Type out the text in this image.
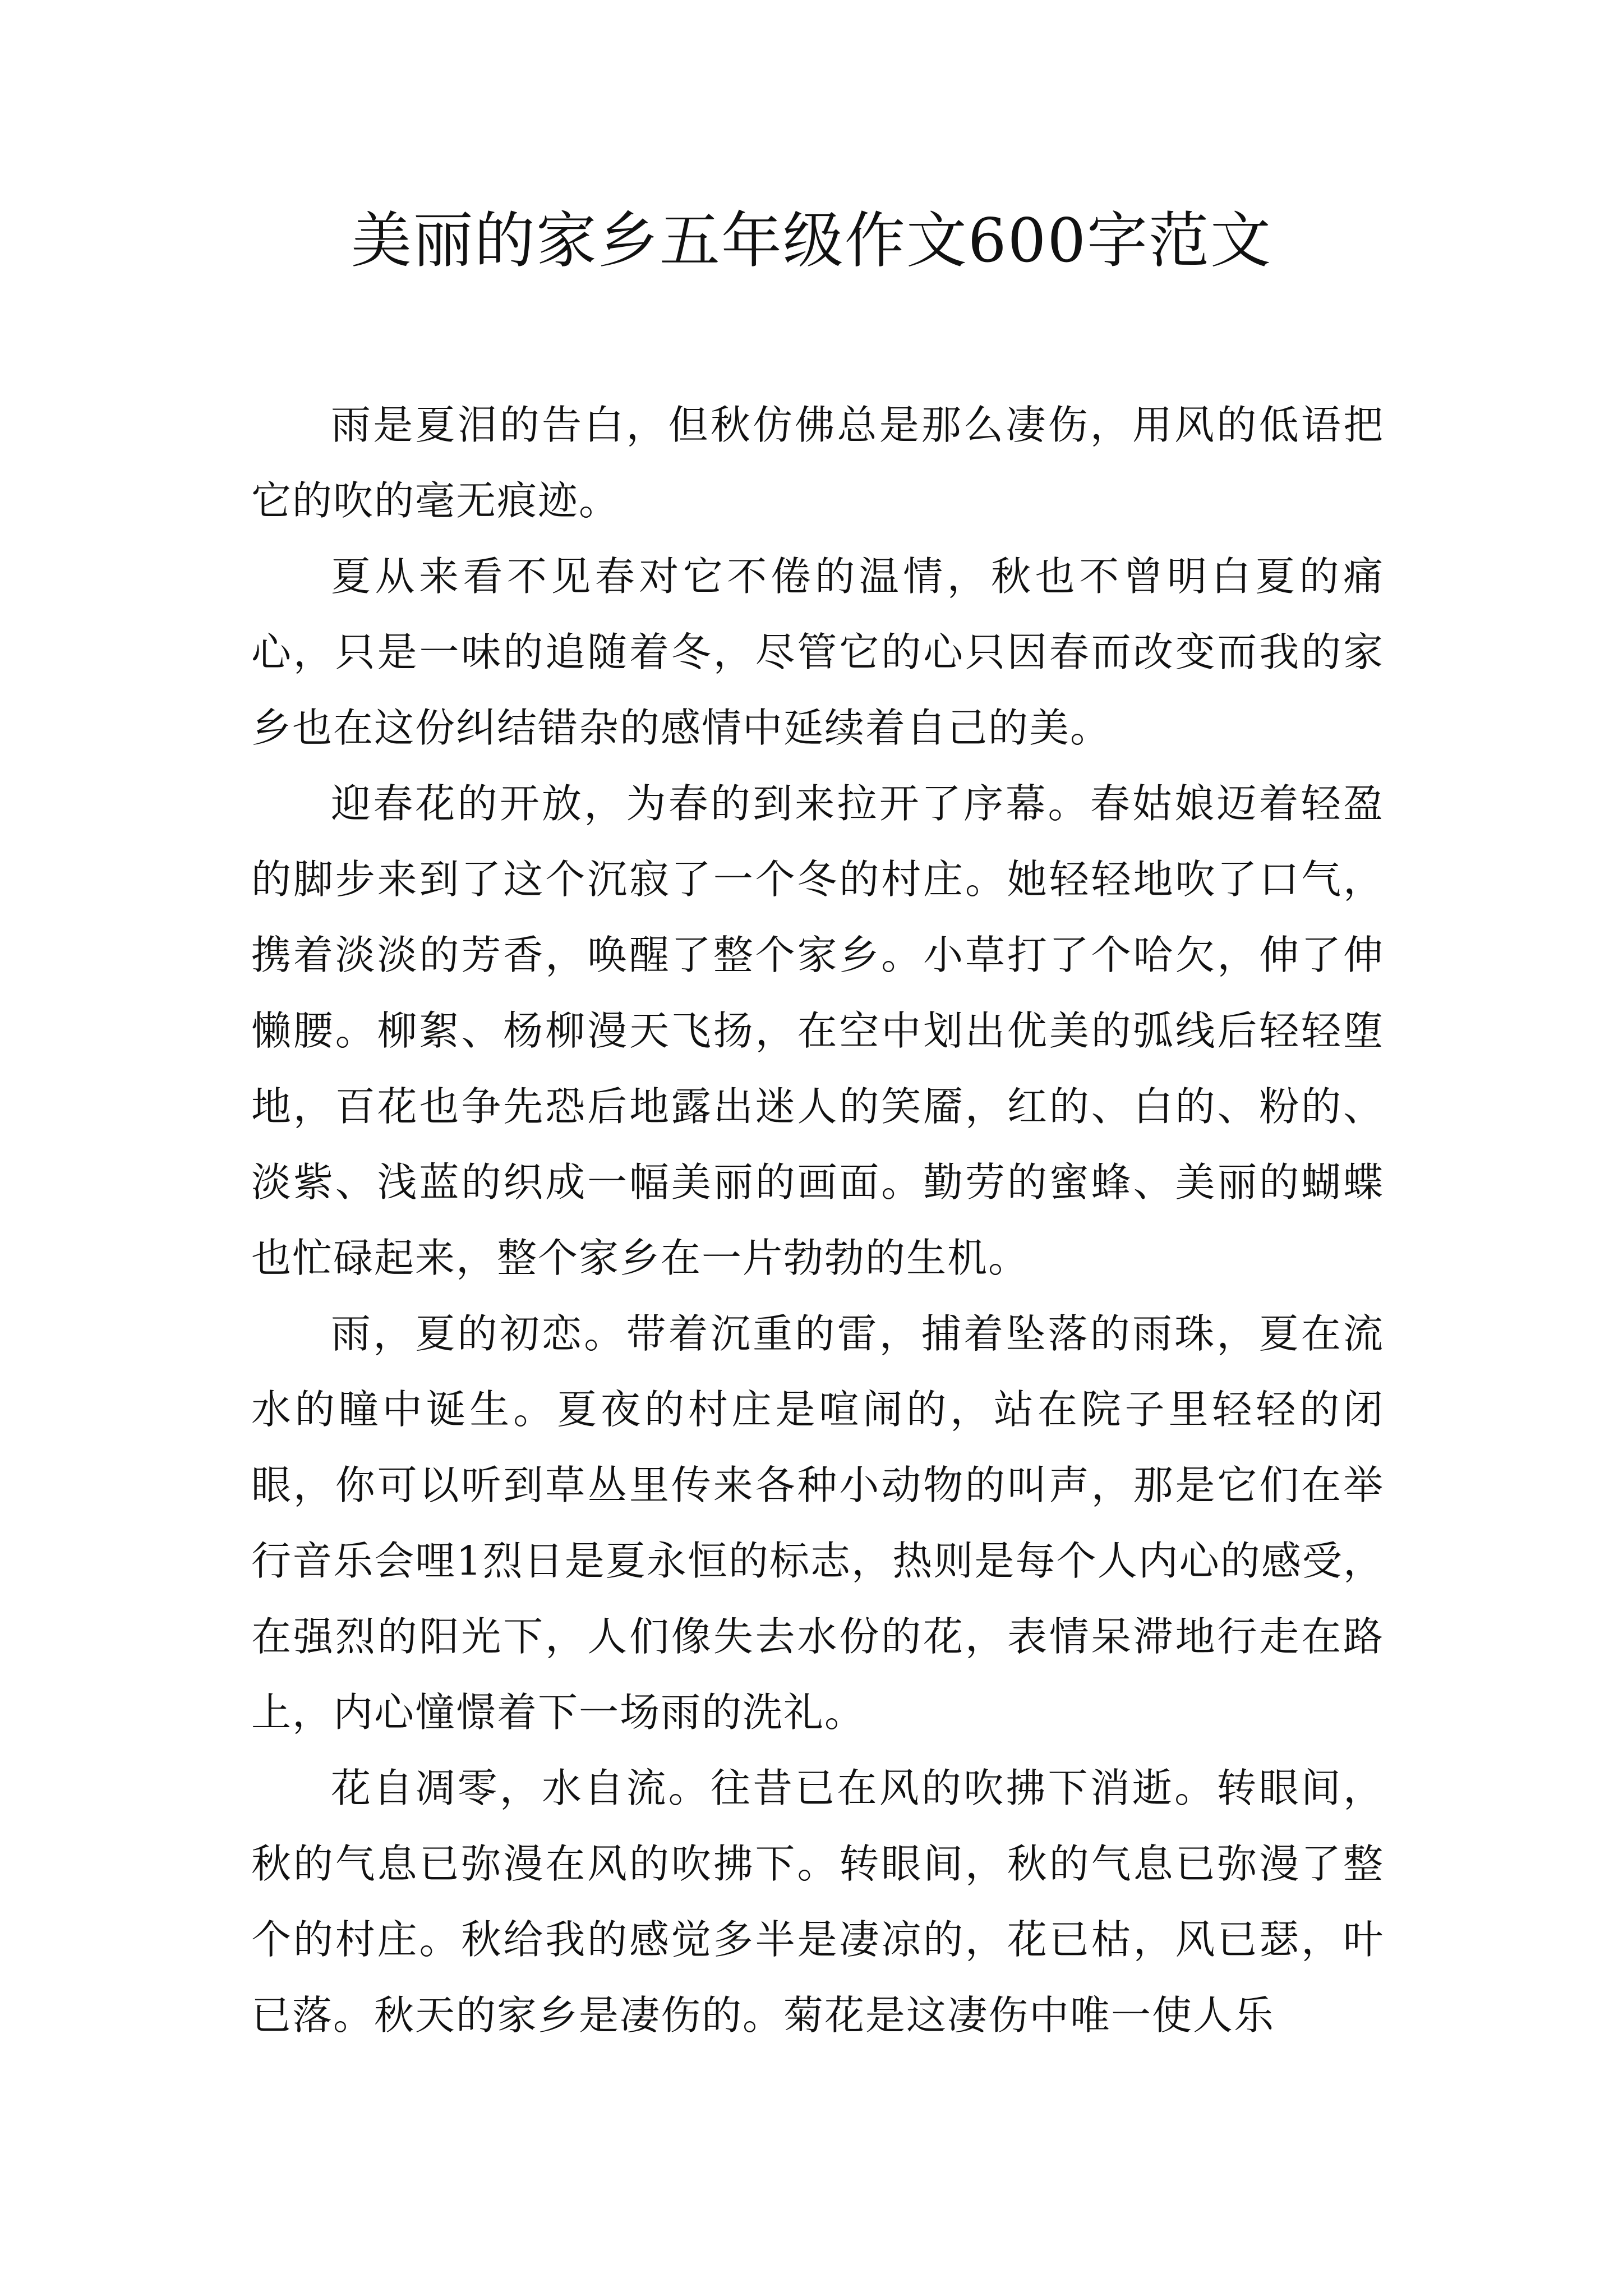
美丽的家乡五年级作文600字范文

雨是夏泪的告白，但秋仿佛总是那么凄伤，用风的低语把它的吹的毫无痕迹。

夏从来看不见春对它不倦的温情，秋也不曾明白夏的痛心，只是一味的追随着冬，尽管它的心只因春而改变而我的家乡也在这份纠结错杂的感情中延续着自己的美。

迎春花的开放，为春的到来拉开了序幕。春姑娘迈着轻盈的脚步来到了这个沉寂了一个冬的村庄。她轻轻地吹了口气，携着淡淡的芳香，唤醒了整个家乡。小草打了个哈欠，伸了伸懒腰。柳絮、杨柳漫天飞扬，在空中划出优美的弧线后轻轻堕地，百花也争先恐后地露出迷人的笑靥，红的、白的、粉的、淡紫、浅蓝的织成一幅美丽的画面。勤劳的蜜蜂、美丽的蝴蝶也忙碌起来，整个家乡在一片勃勃的生机。

雨，夏的初恋。带着沉重的雷，捕着坠落的雨珠，夏在流水的瞳中诞生。夏夜的村庄是喧闹的，站在院子里轻轻的闭眼，你可以听到草丛里传来各种小动物的叫声，那是它们在举行音乐会哩1烈日是夏永恒的标志，热则是每个人内心的感受，在强烈的阳光下，人们像失去水份的花，表情呆滞地行走在路上，内心憧憬着下一场雨的洗礼。

花自凋零，水自流。往昔已在风的吹拂下消逝。转眼间，秋的气息已弥漫在风的吹拂下。转眼间，秋的气息已弥漫了整个的村庄。秋给我的感觉多半是凄凉的，花已枯，风已瑟，叶已落。秋天的家乡是凄伤的。菊花是这凄伤中唯一使人乐
